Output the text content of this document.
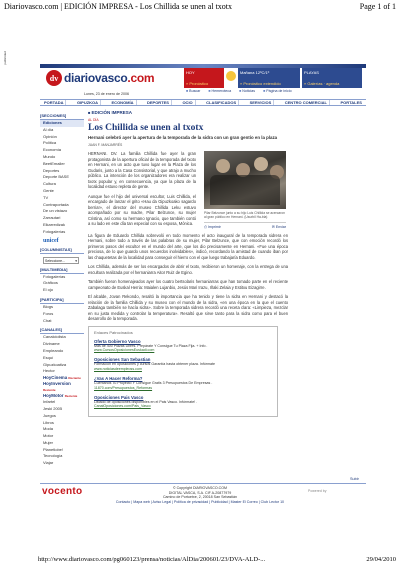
Diariovasco.com | EDICIÓN IMPRESA - Los Chillida se unen al txotx	Page 1 of 1
publicidad
dv diariovasco.com	HOY
» Pronóstico
Mañana 12ºC/1º
» Pronóstico extendido
PLAYAS
» Galerías · agenda
Lunes, 23 de enero de 2006
■ Buscar	■ Hemeroteca	■ Noticias	■ Página de inicio
PORTADA	GIPUZKOA	ECONOMÍA	DEPORTES	OCIO	CLASIFICADOS	SERVICIOS	CENTRO COMERCIAL	PORTALES
[SECCIONES]
Ediciones
Al día
Opinión
Política
Economía
Mundo
BeetEmailer
Deportes
Deporte BASE
Cultura
Gente
TV
Contraportada
De un vistazo
Zarrautari
Elkarredizak
Fotogalerías
unicef
[COLUMNISTAS]
Seleccione...	▾
[MULTIMEDIA]
Fotogalerías
Gráficos
El ojo
[PARTICIPA]
Blogs
Foros
Chat
[CANALES]
Canalciolista
Diviname
Empleando
Esquí
Gipuzkoatiza
Hector
HoyCinema Reciente
HoyInversion Reciente
HoyMotor Reciente
Infartel
Jeski 2005
Juegos
Libros
Moda
Motor
Mujer
Planetlobe!
Tecnología
Viajar
■ EDICIÓN IMPRESA
AL DÍA
Los Chillida se unen al txotx
Hernani celebró ayer la apertura de la temporada de la sidra con un gran gentío en la plaza
JUAN F. MANJARRÉS

HERNANI. DV. La familia Chillida fue ayer la gran protagonista de la apertura oficial de la temporada del txotx en Hernani, en un acto que tuvo lugar en la Plaza de los Gudaris, junto a la Casa Consistorial, y que atrajo a mucho público. La intención de los organizadores era realizar un txotx popular y, en consecuencia, ya que la plaza de la localidad estuvo repleta de gente.

Aunque fue el hijo del universal escultor, Luis Chillida, el encargado de lanzar el grito «Hau da Gipuzkoako sagardo berria!», el director del museo Chillida Leku estuvo acompañado por su madre, Pilar Belzunce, su mujer Cristina, así como su hermano Ignacio, que también contó a su lado en este día tan especial con su esposa, Mónica.

Pilar Belzunce junto a su hijo Luis Chillida se acercaron al gran público en Hernani. (Usurbil Ha-bla)
⎙ Imprimir	✉ Enviar

La figura de Eduardo Chillida sobrevoló en todo momento el acto inaugural de la temporada sidrera en Hernani, sobre todo a través de las palabras de su mujer, Pilar Belzunce, que con emoción recordó los primeros pasos del escultor en el mundo del arte, que los dio precisamente en Hernani. «Fue una época preciosa, de lo que guardo unos recuerdos inolvidables», indicó, recordando la amistad de cuando iban por las chaquetetas de la localidad para conseguir el hierro con el que luego trabajaría Eduardo.

Los Chillida, además de ser los encargados de abrir el txotx, recibieron un homenaje, con la entrega de una escultura realizada por el hernaniarra Aitor Ruiz de Egino.

También fueron homenajeados ayer los cuatro bertsolaris hernaniarras que han tomado parte en el reciente campeonato de Euskal Herria: Maialen Lujanbio, Jesús Mari Irazu, Iñaki Zelaia y Estitxu Eizagirre.

El alcalde, Jovan Rekondo, resaltó la importancia que ha tenido y tiene la sidra en Hernani y destacó la relación de la familia Chillida y su museo con el mundo de la sidra, «en una época en la que el cuento Zabalaga también se hacía sidra». Sobre la temporada sidrera recordó una receta clara: «Limpieza, mezclar en su justa medida y controlar la temperatura». Resaltó que sirve tanto para la sidra como para el buen desarrollo de la temporada.

Enlaces Patrocinados
Oferta Gobierno Vasco
Más de 400 Plazas Libres. Prepárate Y Consigue Tu Plaza Fija. + Info .
www.CursosOposicionesEuskadi.com
Oposiciones San Sebastian
Formación en oposiciones y cursos Garantía hasta obtener plaza. Infórmate
www.noticiasdeempleoss.com
¿Vas A Hacer Reforma?
Cuéntanos Tu Proyecto Y Consigue Gratis 3 Presupuestos De Empresas .
11870.com/Presupuestos_Reformas
Oposiciones Pais Vasco
Listado de oposiciones disponibles en el Pais Vasco. Infórmate! .
CanalOposiciones.com/Pais_Vasco
Subir
vocento	© Copyright DIARIOVASCO.COM
DIGITAL VASCA, S.A. CIF A-20877979
Camino de Portuetxe, 2, 20018 San Sebastián
Contacto | Mapa web | Aviso Legal | Política de privacidad | Publicidad | Master El Correo | Club Lector 10
Powered by
http://www.diariovasco.com/pg060123/prensa/noticias/AlDia/200601/23/DVA-ALD-...	29/04/2010
